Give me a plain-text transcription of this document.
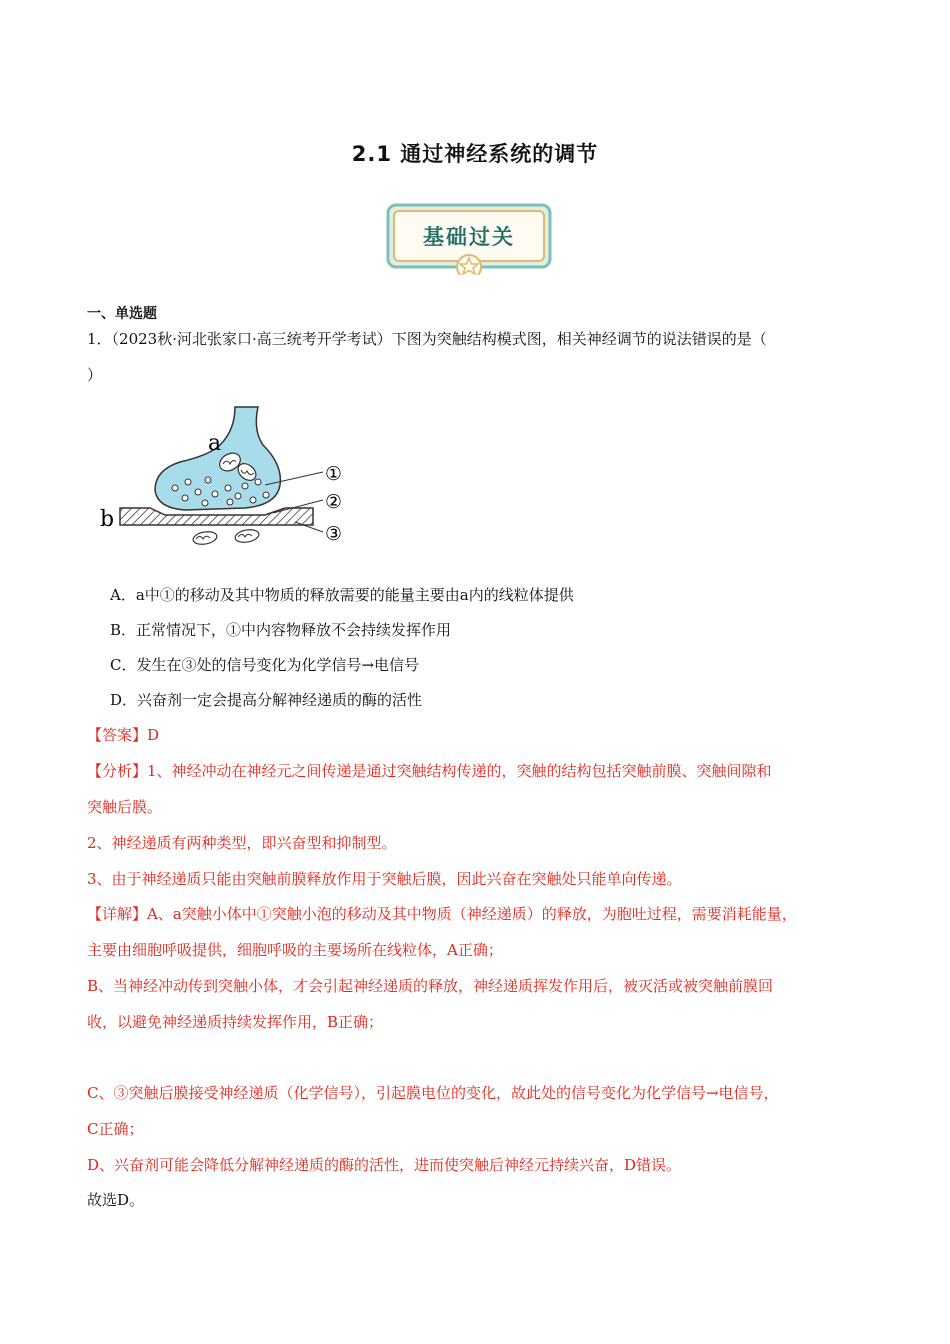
2.1 通过神经系统的调节
基础过关
一、单选题
1．（2023秋·河北张家口·高三统考开学考试）下图为突触结构模式图，相关神经调节的说法错误的是（
）
a
b
①
②
③
A．a中①的移动及其中物质的释放需要的能量主要由a内的线粒体提供
B．正常情况下，①中内容物释放不会持续发挥作用
C．发生在③处的信号变化为化学信号→电信号
D．兴奋剂一定会提高分解神经递质的酶的活性
【答案】D
【分析】1、神经冲动在神经元之间传递是通过突触结构传递的，突触的结构包括突触前膜、突触间隙和
突触后膜。
2、神经递质有两种类型，即兴奋型和抑制型。
3、由于神经递质只能由突触前膜释放作用于突触后膜，因此兴奋在突触处只能单向传递。
【详解】A、a突触小体中①突触小泡的移动及其中物质（神经递质）的释放，为胞吐过程，需要消耗能量，
主要由细胞呼吸提供，细胞呼吸的主要场所在线粒体，A正确；
B、当神经冲动传到突触小体，才会引起神经递质的释放，神经递质挥发作用后，被灭活或被突触前膜回
收，以避免神经递质持续发挥作用，B正确；
C、③突触后膜接受神经递质（化学信号），引起膜电位的变化，故此处的信号变化为化学信号→电信号，
C正确；
D、兴奋剂可能会降低分解神经递质的酶的活性，进而使突触后神经元持续兴奋，D错误。
故选D。
